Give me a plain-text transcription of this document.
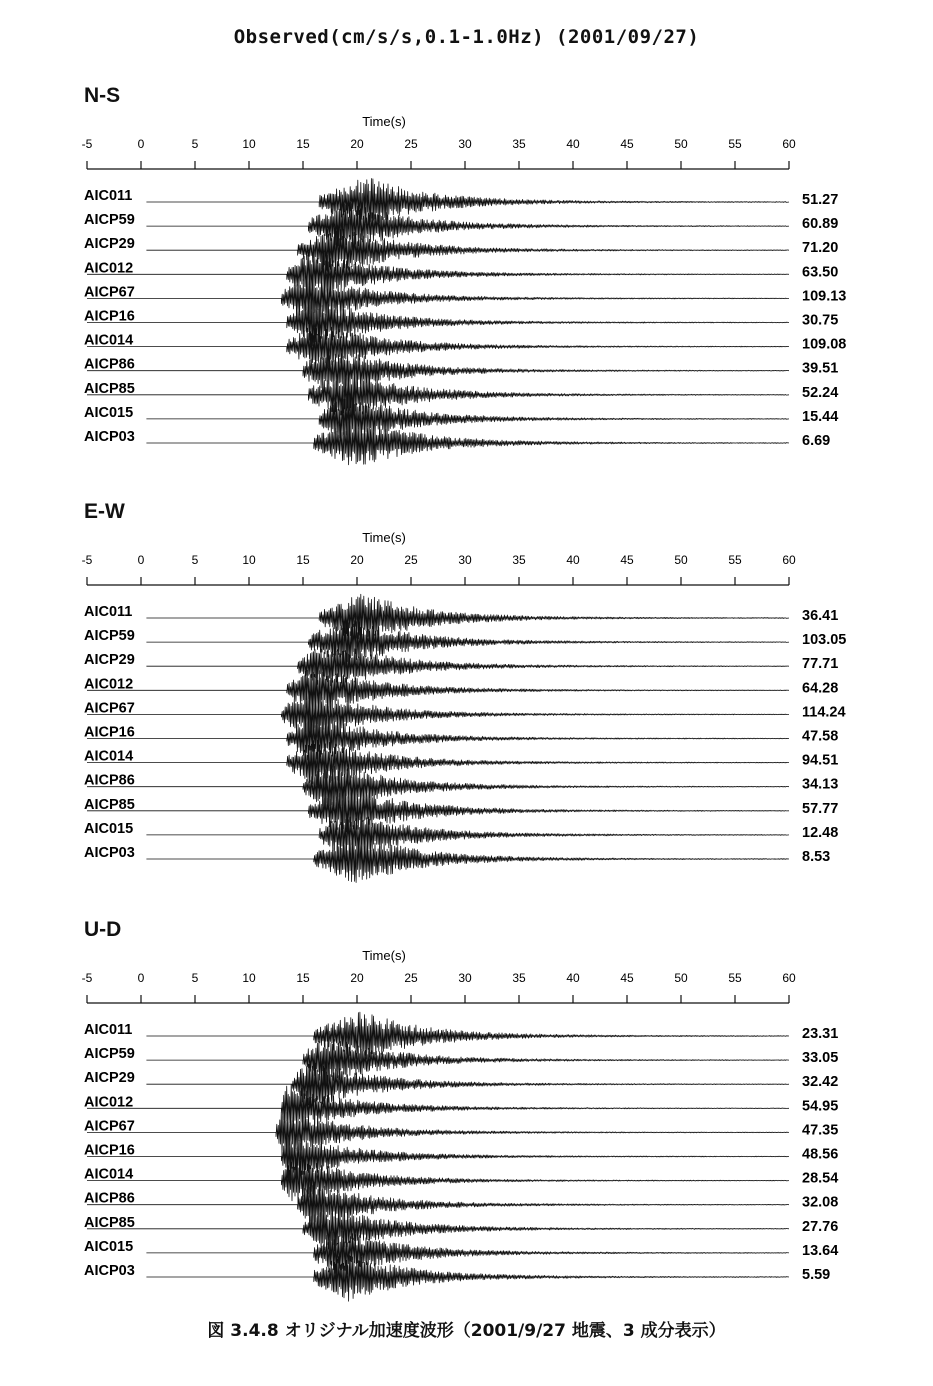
Observed(cm/s/s,0.1-1.0Hz) (2001/09/27)
N-S
Time(s)
-5	0	5	10	15	20	25	30	35	40	45	50	55	60
AIC011	51.27
AICP59	60.89
AICP29	71.20
AIC012	63.50
AICP67	109.13
AICP16	30.75
AIC014	109.08
AICP86	39.51
AICP85	52.24
AIC015	15.44
AICP03	6.69
E-W
Time(s)
-5	0	5	10	15	20	25	30	35	40	45	50	55	60
AIC011	36.41
AICP59	103.05
AICP29	77.71
AIC012	64.28
AICP67	114.24
AICP16	47.58
AIC014	94.51
AICP86	34.13
AICP85	57.77
AIC015	12.48
AICP03	8.53
U-D
Time(s)
-5	0	5	10	15	20	25	30	35	40	45	50	55	60
AIC011	23.31
AICP59	33.05
AICP29	32.42
AIC012	54.95
AICP67	47.35
AICP16	48.56
AIC014	28.54
AICP86	32.08
AICP85	27.76
AIC015	13.64
AICP03	5.59
図 3.4.8 オリジナル加速度波形（2001/9/27 地震、3 成分表示）
